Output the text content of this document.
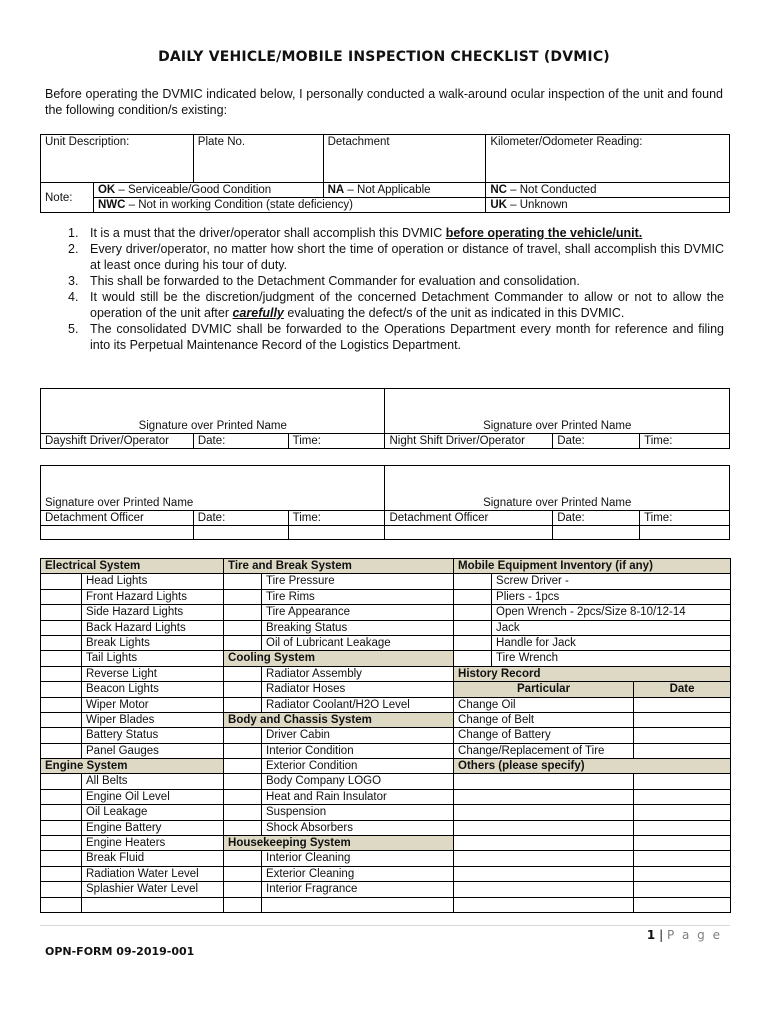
DAILY VEHICLE/MOBILE INSPECTION CHECKLIST (DVMIC)
Before operating the DVMIC indicated below, I personally conducted a walk-around ocular inspection of the unit and found the following condition/s existing:
Unit Description:		Plate No.	Detachment	Kilometer/Odometer Reading:
Note:	OK – Serviceable/Good Condition		NA – Not Applicable	NC – Not Conducted
	NWC – Not in working Condition (state deficiency)			UK – Unknown
1. It is a must that the driver/operator shall accomplish this DVMIC before operating the vehicle/unit.
2. Every driver/operator, no matter how short the time of operation or distance of travel, shall accomplish this DVMIC at least once during his tour of duty.
3. This shall be forwarded to the Detachment Commander for evaluation and consolidation.
4. It would still be the discretion/judgment of the concerned Detachment Commander to allow or not to allow the operation of the unit after carefully evaluating the defect/s of the unit as indicated in this DVMIC.
5. The consolidated DVMIC shall be forwarded to the Operations Department every month for reference and filing into its Perpetual Maintenance Record of the Logistics Department.

Signature over Printed Name			Signature over Printed Name		
Dayshift Driver/Operator	Date:	Time:	Night Shift Driver/Operator	Date:	Time:

Signature over Printed Name			Signature over Printed Name		
Detachment Officer	Date:	Time:	Detachment Officer	Date:	Time:

Electrical System		Tire and Break System		Mobile Equipment Inventory (if any)		
	Head Lights		Tire Pressure		Screw Driver -	
	Front Hazard Lights		Tire Rims		Pliers - 1pcs	
	Side Hazard Lights		Tire Appearance		Open Wrench - 2pcs/Size 8-10/12-14	
	Back Hazard Lights		Breaking Status		Jack	
	Break Lights		Oil of Lubricant Leakage		Handle for Jack	
	Tail Lights	Cooling System			Tire Wrench	
	Reverse Light		Radiator Assembly	History Record		
	Beacon Lights		Radiator Hoses	Particular		Date
	Wiper Motor		Radiator Coolant/H2O Level	Change Oil		
	Wiper Blades	Body and Chassis System		Change of Belt		
	Battery Status		Driver Cabin	Change of Battery		
	Panel Gauges		Interior Condition	Change/Replacement of Tire		
Engine System			Exterior Condition	Others (please specify)		
	All Belts		Body Company LOGO			
	Engine Oil Level		Heat and Rain Insulator			
	Oil Leakage		Suspension			
	Engine Battery		Shock Absorbers			
	Engine Heaters	Housekeeping System				
	Break Fluid		Interior Cleaning			
	Radiation Water Level		Exterior Cleaning			
	Splashier Water Level		Interior Fragrance			

1 | P a g e
OPN-FORM 09-2019-001
